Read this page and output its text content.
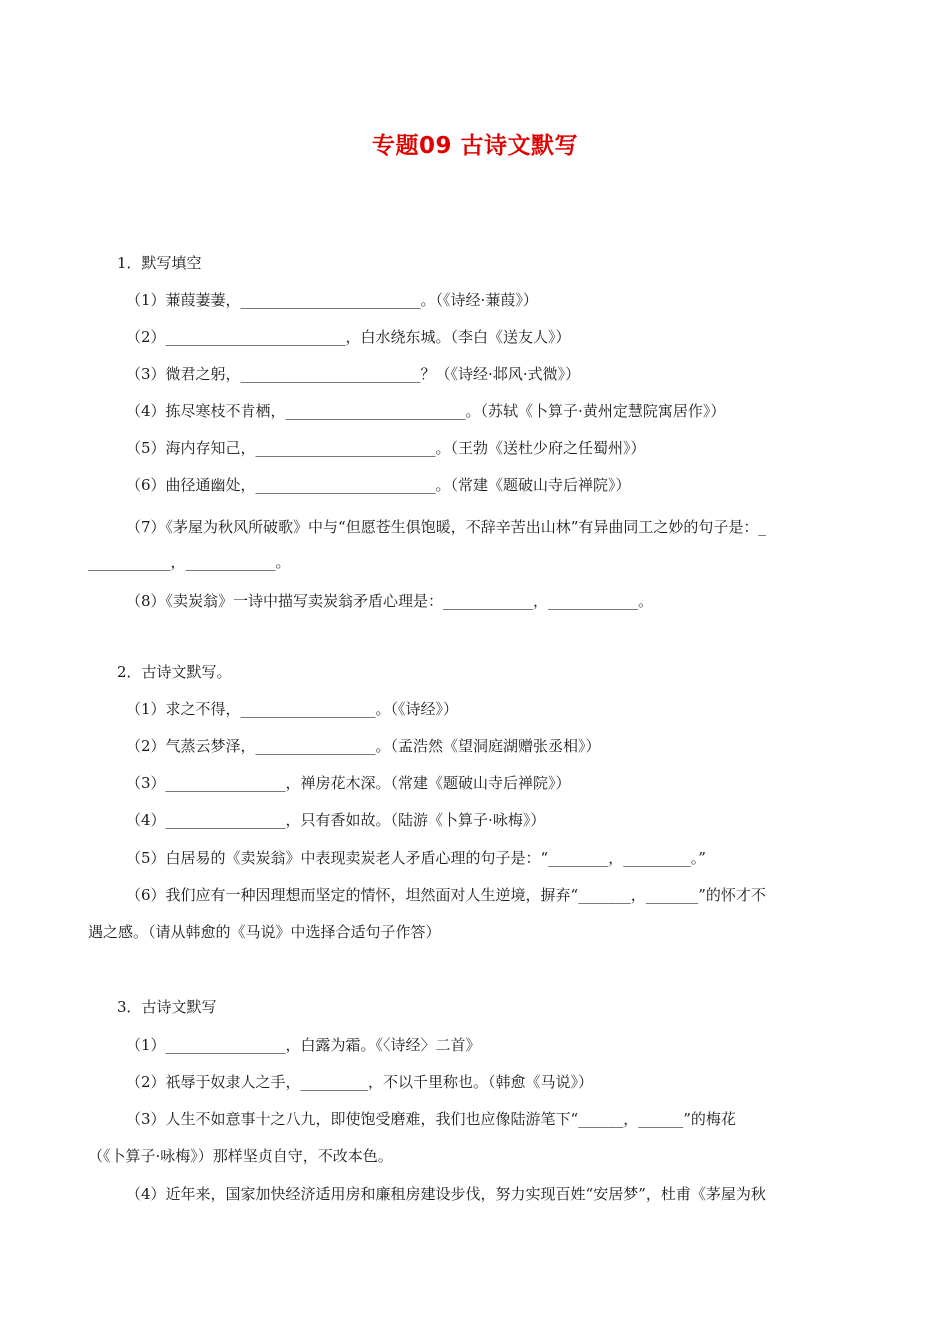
专题09 古诗文默写
1．默写填空
（1）蒹葭萋萋，________________________。（《诗经·蒹葭》）
（2）________________________，白水绕东城。（李白《送友人》）
（3）微君之躬，________________________？（《诗经·邶风·式微》）
（4）拣尽寒枝不肯栖，________________________。（苏轼《卜算子·黄州定慧院寓居作》）
（5）海内存知己，________________________。（王勃《送杜少府之任蜀州》）
（6）曲径通幽处，________________________。（常建《题破山寺后禅院》）
（7）《茅屋为秋风所破歌》中与“但愿苍生俱饱暖，不辞辛苦出山林”有异曲同工之妙的句子是：_
___________，____________。
（8）《卖炭翁》一诗中描写卖炭翁矛盾心理是：____________，____________。
2．古诗文默写。
（1）求之不得，__________________。（《诗经》）
（2）气蒸云梦泽，________________。（孟浩然《望洞庭湖赠张丞相》）
（3）________________，禅房花木深。（常建《题破山寺后禅院》）
（4）________________，只有香如故。（陆游《卜算子·咏梅》）
（5）白居易的《卖炭翁》中表现卖炭老人矛盾心理的句子是：“________，_________。”
（6）我们应有一种因理想而坚定的情怀，坦然面对人生逆境，摒弃“_______，_______”的怀才不
遇之感。（请从韩愈的《马说》中选择合适句子作答）
3．古诗文默写
（1）________________，白露为霜。《〈诗经〉二首》
（2）祇辱于奴隶人之手，_________，不以千里称也。（韩愈《马说》）
（3）人生不如意事十之八九，即使饱受磨难，我们也应像陆游笔下“______，______”的梅花
（《卜算子·咏梅》）那样坚贞自守，不改本色。
（4）近年来，国家加快经济适用房和廉租房建设步伐，努力实现百姓“安居梦”，杜甫《茅屋为秋
